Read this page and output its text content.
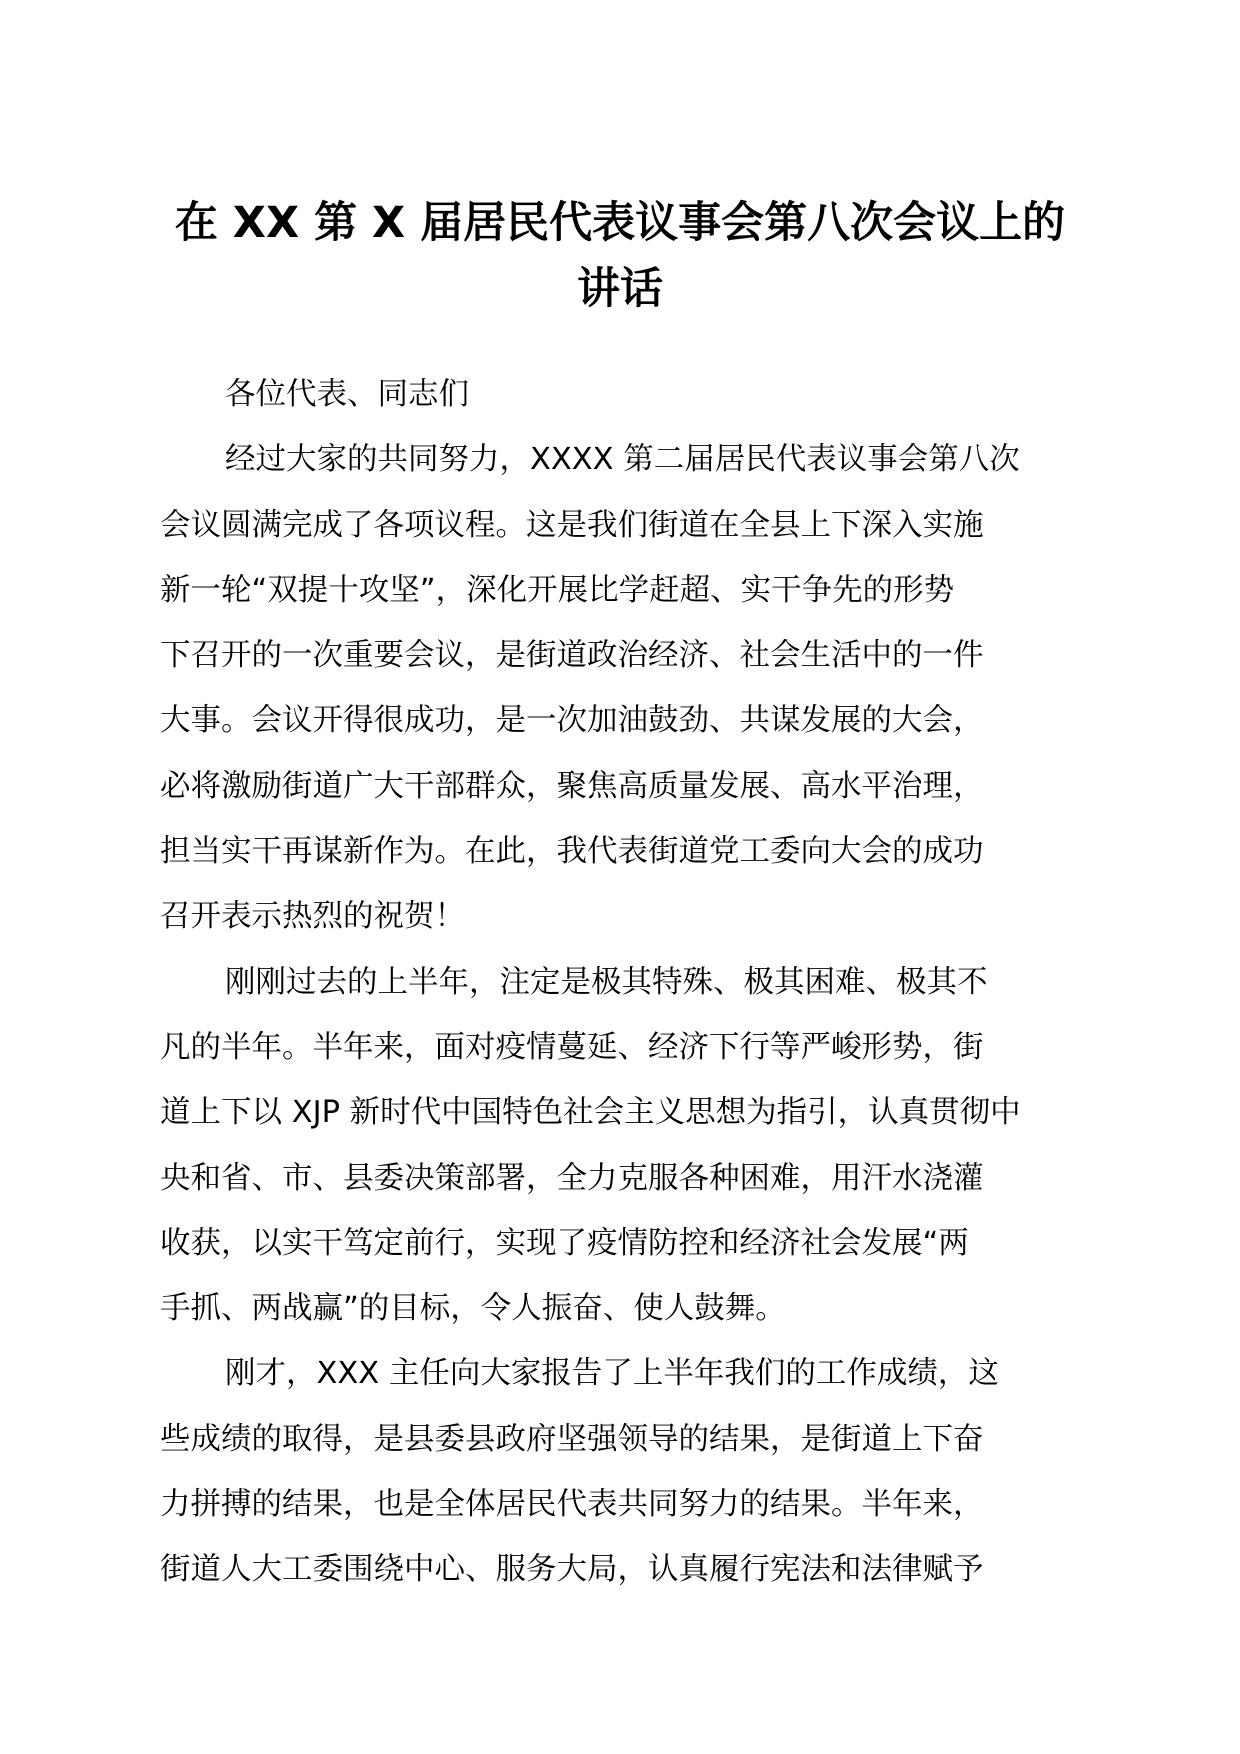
在 XX 第 X 届居民代表议事会第八次会议上的
讲话
各位代表、同志们
经过大家的共同努力，XXXX 第二届居民代表议事会第八次
会议圆满完成了各项议程。这是我们街道在全县上下深入实施
新一轮“双提十攻坚”，深化开展比学赶超、实干争先的形势
下召开的一次重要会议，是街道政治经济、社会生活中的一件
大事。会议开得很成功，是一次加油鼓劲、共谋发展的大会，
必将激励街道广大干部群众，聚焦高质量发展、高水平治理，
担当实干再谋新作为。在此，我代表街道党工委向大会的成功
召开表示热烈的祝贺！
刚刚过去的上半年，注定是极其特殊、极其困难、极其不
凡的半年。半年来，面对疫情蔓延、经济下行等严峻形势，街
道上下以 XJP 新时代中国特色社会主义思想为指引，认真贯彻中
央和省、市、县委决策部署，全力克服各种困难，用汗水浇灌
收获，以实干笃定前行，实现了疫情防控和经济社会发展“两
手抓、两战赢”的目标，令人振奋、使人鼓舞。
刚才，XXX 主任向大家报告了上半年我们的工作成绩，这
些成绩的取得，是县委县政府坚强领导的结果，是街道上下奋
力拼搏的结果，也是全体居民代表共同努力的结果。半年来，
街道人大工委围绕中心、服务大局，认真履行宪法和法律赋予
